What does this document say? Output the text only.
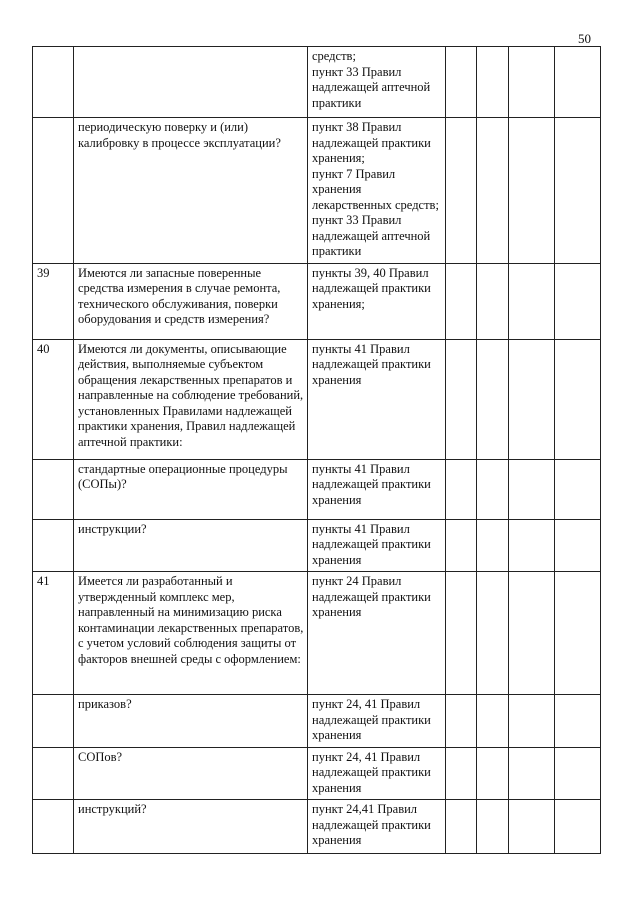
50
		средств;
пункт 33 Правил надлежащей аптечной практики				
	периодическую поверку и (или) калибровку в процессе эксплуатации?	пункт 38 Правил надлежащей практики хранения;
пункт 7 Правил хранения лекарственных средств;
пункт 33 Правил надлежащей аптечной практики				
39	Имеются ли запасные поверенные средства измерения в случае ремонта, технического обслуживания, поверки оборудования и средств измерения?	пункты 39, 40 Правил надлежащей практики хранения;				
40	Имеются ли документы, описывающие действия, выполняемые субъектом обращения лекарственных препаратов и направленные на соблюдение требований, установленных Правилами надлежащей практики хранения, Правил надлежащей аптечной практики:	пункты 41 Правил надлежащей практики хранения				
	стандартные операционные процедуры (СОПы)?	пункты 41 Правил надлежащей практики хранения				
	инструкции?	пункты 41 Правил надлежащей практики хранения				
41	Имеется ли разработанный и утвержденный комплекс мер, направленный на минимизацию риска контаминации лекарственных препаратов, с учетом условий соблюдения защиты от факторов внешней среды с оформлением:	пункт 24 Правил надлежащей практики хранения				
	приказов?	пункт 24, 41 Правил надлежащей практики хранения				
	СОПов?	пункт 24, 41 Правил надлежащей практики хранения				
	инструкций?	пункт 24,41 Правил надлежащей практики хранения				
